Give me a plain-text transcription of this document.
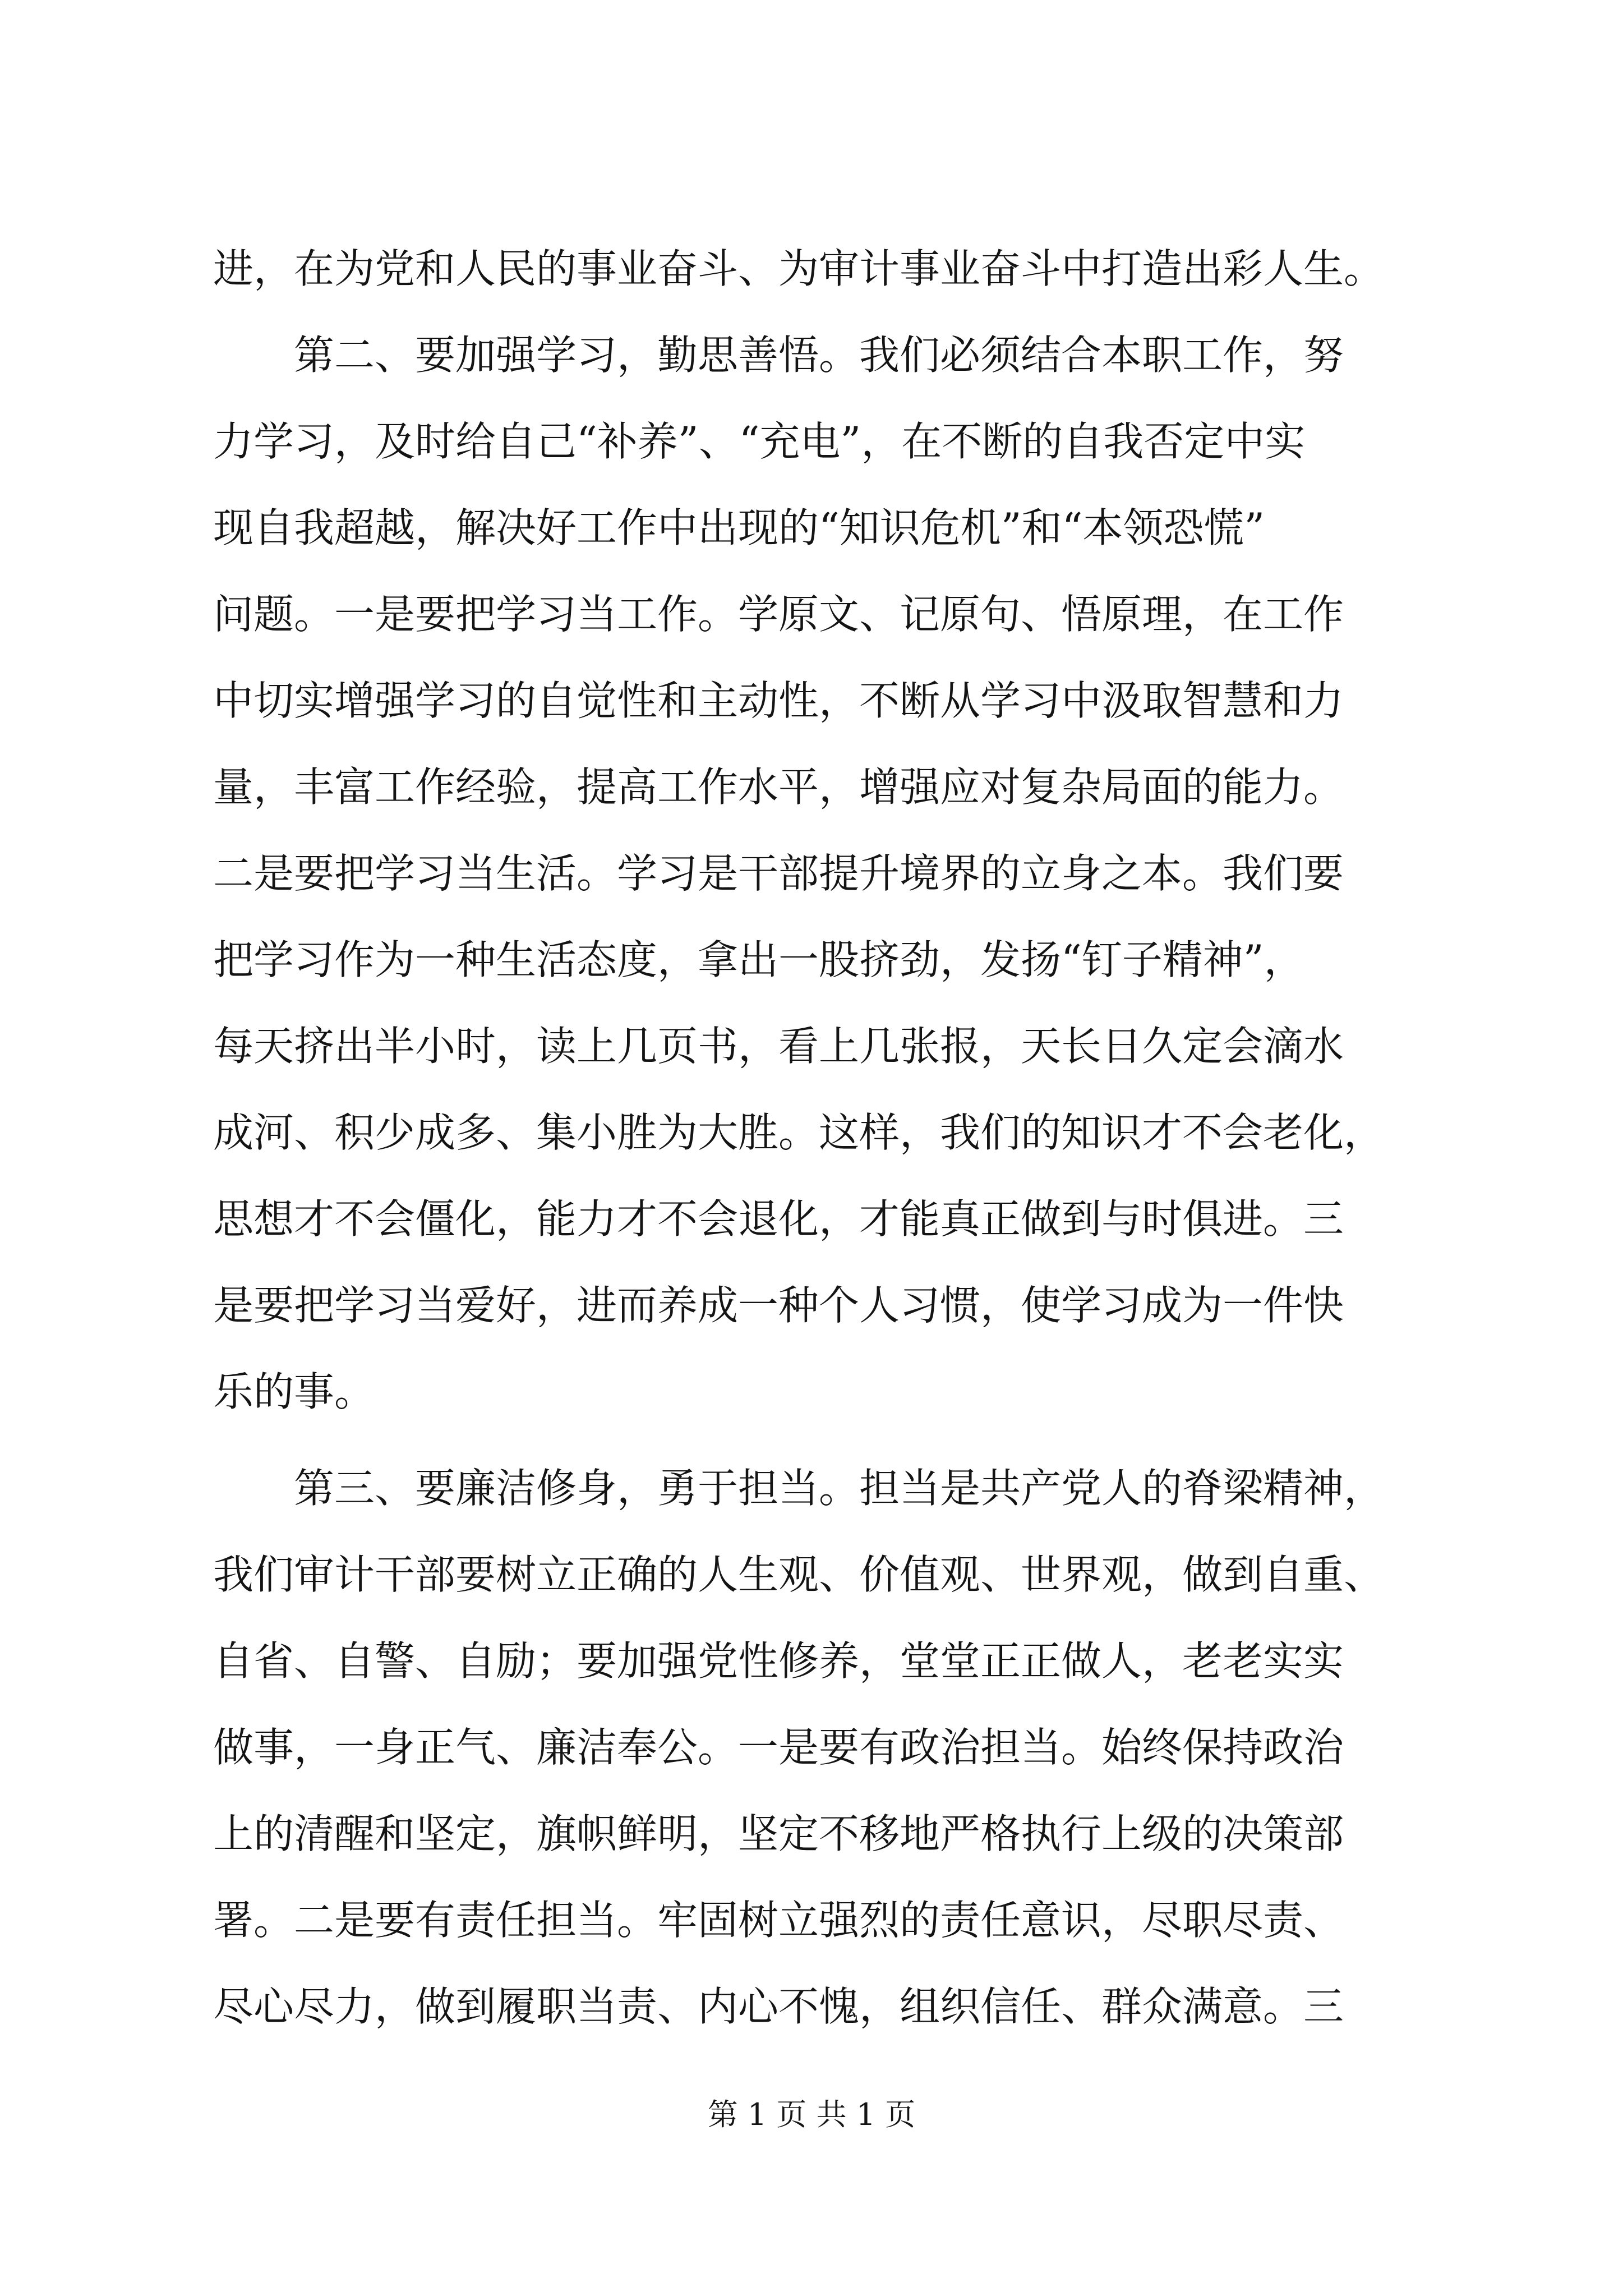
进，在为党和人民的事业奋斗、为审计事业奋斗中打造出彩人生。
　　第二、要加强学习，勤思善悟。我们必须结合本职工作，努
力学习，及时给自己“补养”、“充电”，在不断的自我否定中实
现自我超越，解决好工作中出现的“知识危机”和“本领恐慌”
问题。一是要把学习当工作。学原文、记原句、悟原理，在工作
中切实增强学习的自觉性和主动性，不断从学习中汲取智慧和力
量，丰富工作经验，提高工作水平，增强应对复杂局面的能力。
二是要把学习当生活。学习是干部提升境界的立身之本。我们要
把学习作为一种生活态度，拿出一股挤劲，发扬“钉子精神”，
每天挤出半小时，读上几页书，看上几张报，天长日久定会滴水
成河、积少成多、集小胜为大胜。这样，我们的知识才不会老化，
思想才不会僵化，能力才不会退化，才能真正做到与时俱进。三
是要把学习当爱好，进而养成一种个人习惯，使学习成为一件快
乐的事。
　　第三、要廉洁修身，勇于担当。担当是共产党人的脊梁精神，
我们审计干部要树立正确的人生观、价值观、世界观，做到自重、
自省、自警、自励；要加强党性修养，堂堂正正做人，老老实实
做事，一身正气、廉洁奉公。一是要有政治担当。始终保持政治
上的清醒和坚定，旗帜鲜明，坚定不移地严格执行上级的决策部
署。二是要有责任担当。牢固树立强烈的责任意识，尽职尽责、
尽心尽力，做到履职当责、内心不愧，组织信任、群众满意。三
第 1 页 共 1 页
